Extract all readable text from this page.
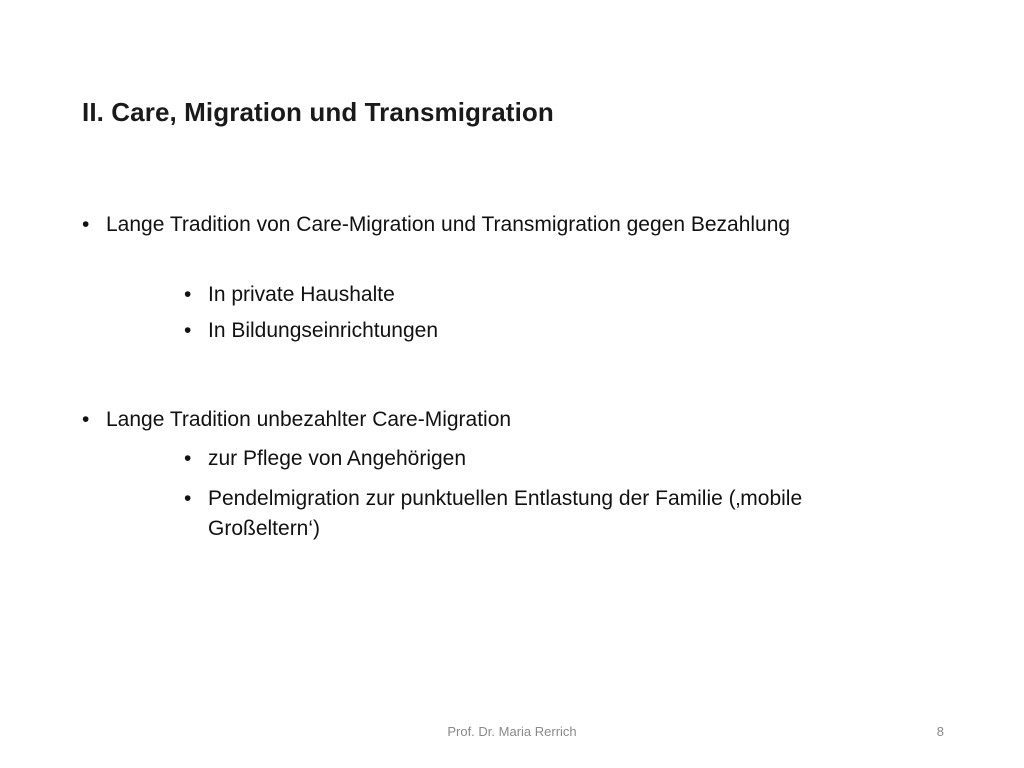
II. Care, Migration und Transmigration
• Lange Tradition von Care-Migration und Transmigration gegen Bezahlung
• In private Haushalte
• In Bildungseinrichtungen
• Lange Tradition unbezahlter Care-Migration
• zur Pflege von Angehörigen
• Pendelmigration zur punktuellen Entlastung der Familie (‚mobile Großeltern‘)
Prof. Dr. Maria Rerrich	8
